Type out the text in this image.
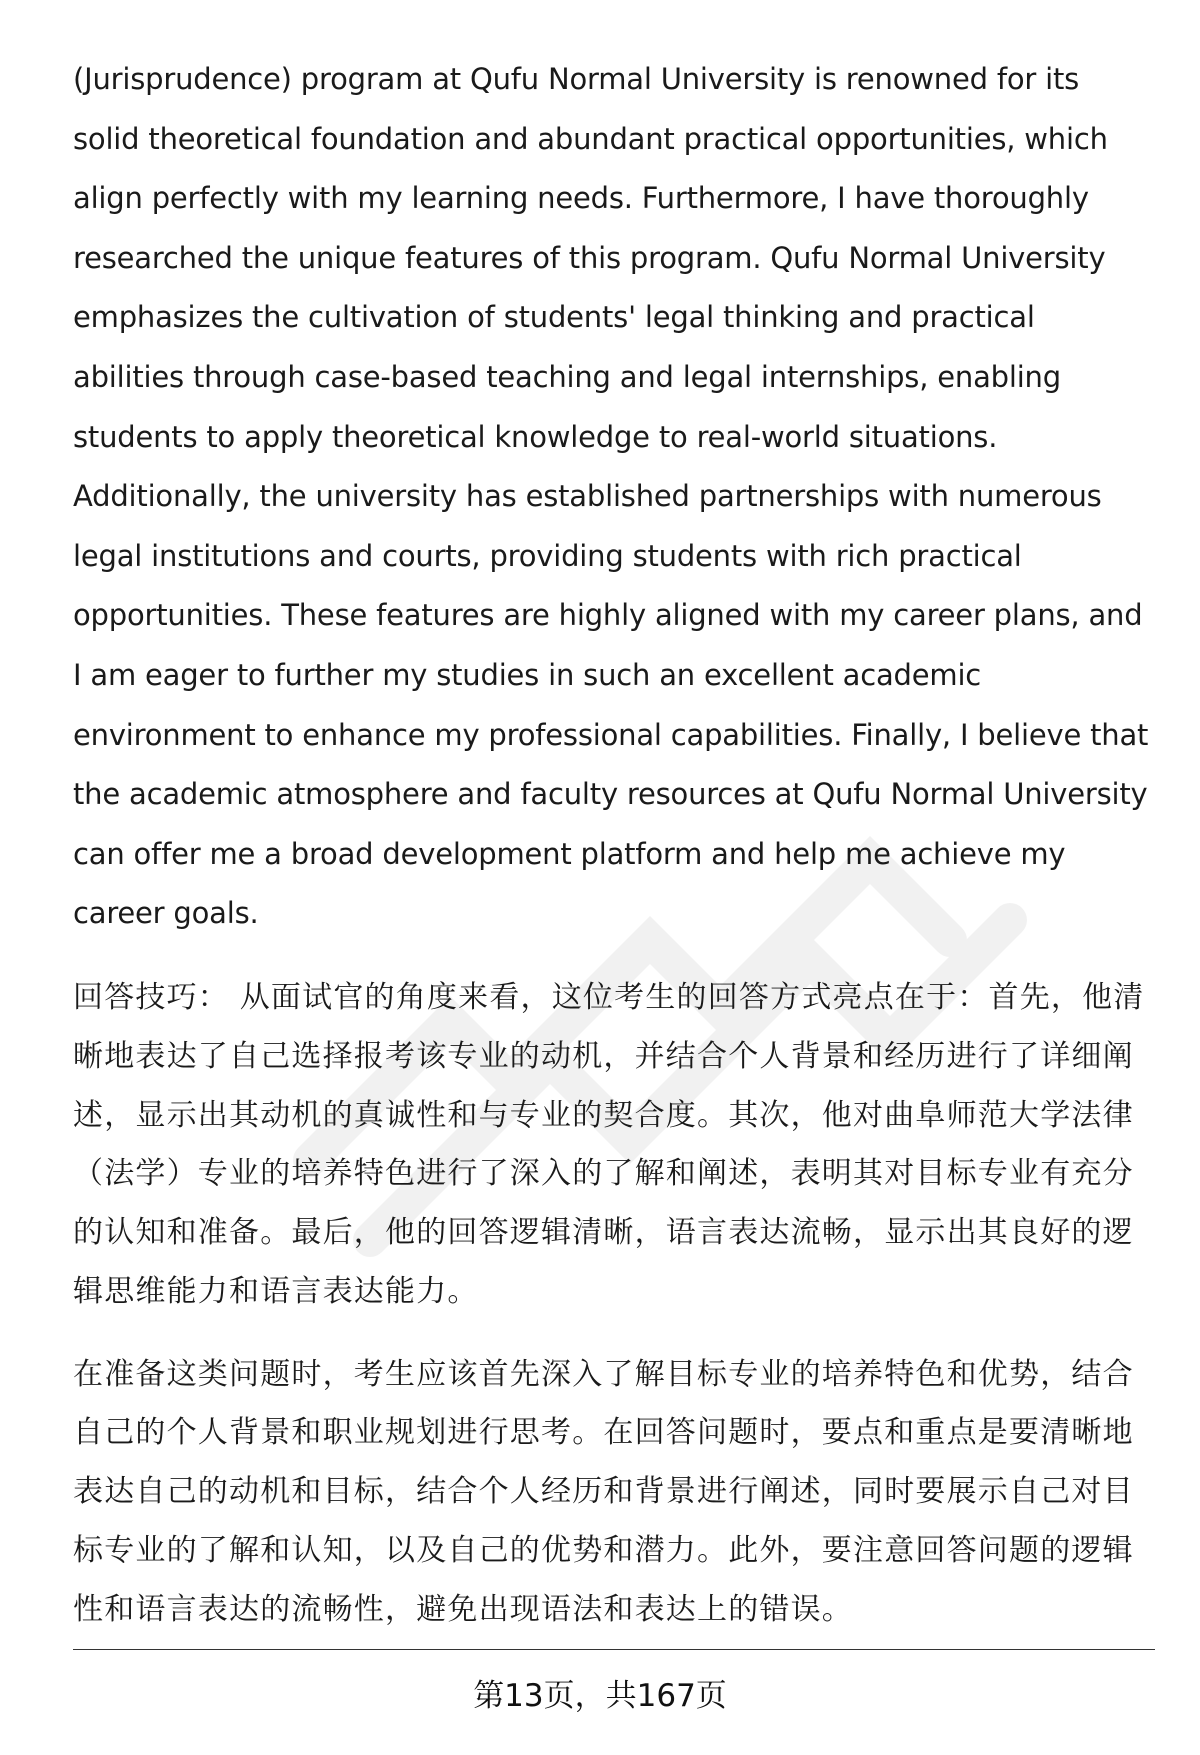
(Jurisprudence) program at Qufu Normal University is renowned for its solid theoretical foundation and abundant practical opportunities, which align perfectly with my learning needs. Furthermore, I have thoroughly researched the unique features of this program. Qufu Normal University emphasizes the cultivation of students' legal thinking and practical abilities through case-based teaching and legal internships, enabling students to apply theoretical knowledge to real-world situations. Additionally, the university has established partnerships with numerous legal institutions and courts, providing students with rich practical opportunities. These features are highly aligned with my career plans, and I am eager to further my studies in such an excellent academic environment to enhance my professional capabilities. Finally, I believe that the academic atmosphere and faculty resources at Qufu Normal University can offer me a broad development platform and help me achieve my career goals.

回答技巧： 从面试官的角度来看，这位考生的回答方式亮点在于：首先，他清晰地表达了自己选择报考该专业的动机，并结合个人背景和经历进行了详细阐述，显示出其动机的真诚性和与专业的契合度。其次，他对曲阜师范大学法律（法学）专业的培养特色进行了深入的了解和阐述，表明其对目标专业有充分的认知和准备。最后，他的回答逻辑清晰，语言表达流畅，显示出其良好的逻辑思维能力和语言表达能力。

在准备这类问题时，考生应该首先深入了解目标专业的培养特色和优势，结合自己的个人背景和职业规划进行思考。在回答问题时，要点和重点是要清晰地表达自己的动机和目标，结合个人经历和背景进行阐述，同时要展示自己对目标专业的了解和认知，以及自己的优势和潜力。此外，要注意回答问题的逻辑性和语言表达的流畅性，避免出现语法和表达上的错误。

第13页，共167页
